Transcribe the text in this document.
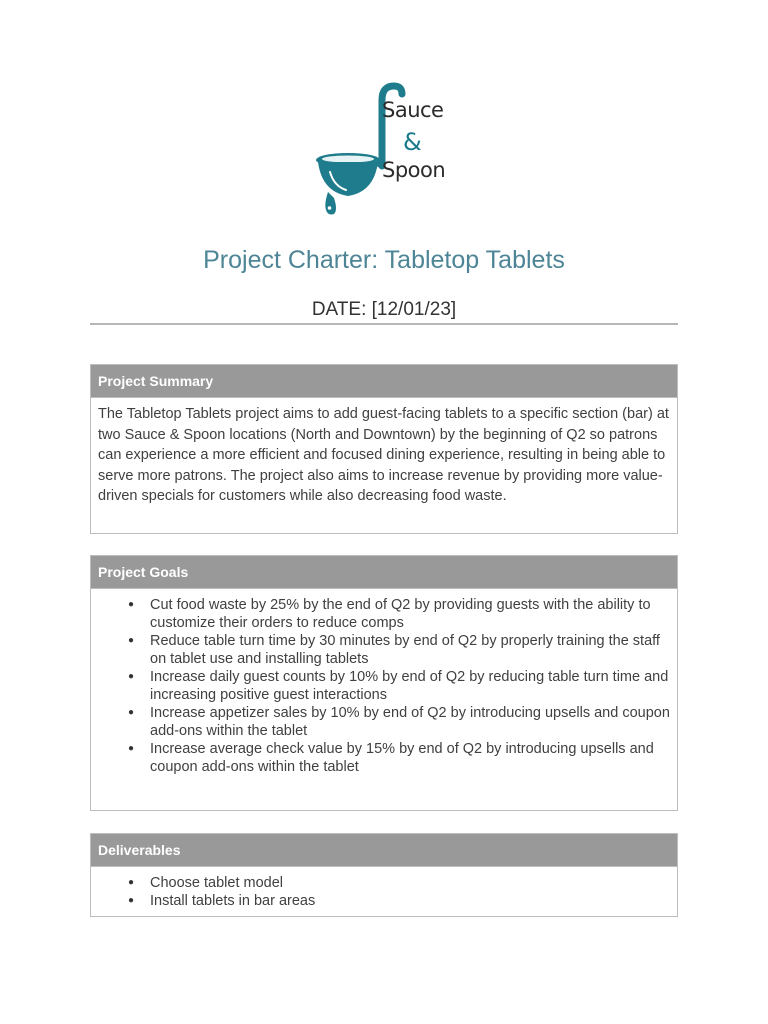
Sauce
&
Spoon
Project Charter: Tabletop Tablets
DATE: [12/01/23]
Project Summary
The Tabletop Tablets project aims to add guest-facing tablets to a specific section (bar) at two Sauce & Spoon locations (North and Downtown) by the beginning of Q2 so patrons can experience a more efficient and focused dining experience, resulting in being able to serve more patrons. The project also aims to increase revenue by providing more value-driven specials for customers while also decreasing food waste.
Project Goals
● Cut food waste by 25% by the end of Q2 by providing guests with the ability to customize their orders to reduce comps
● Reduce table turn time by 30 minutes by end of Q2 by properly training the staff on tablet use and installing tablets
● Increase daily guest counts by 10% by end of Q2 by reducing table turn time and increasing positive guest interactions
● Increase appetizer sales by 10% by end of Q2 by introducing upsells and coupon add-ons within the tablet
● Increase average check value by 15% by end of Q2 by introducing upsells and coupon add-ons within the tablet
Deliverables
● Choose tablet model
● Install tablets in bar areas
